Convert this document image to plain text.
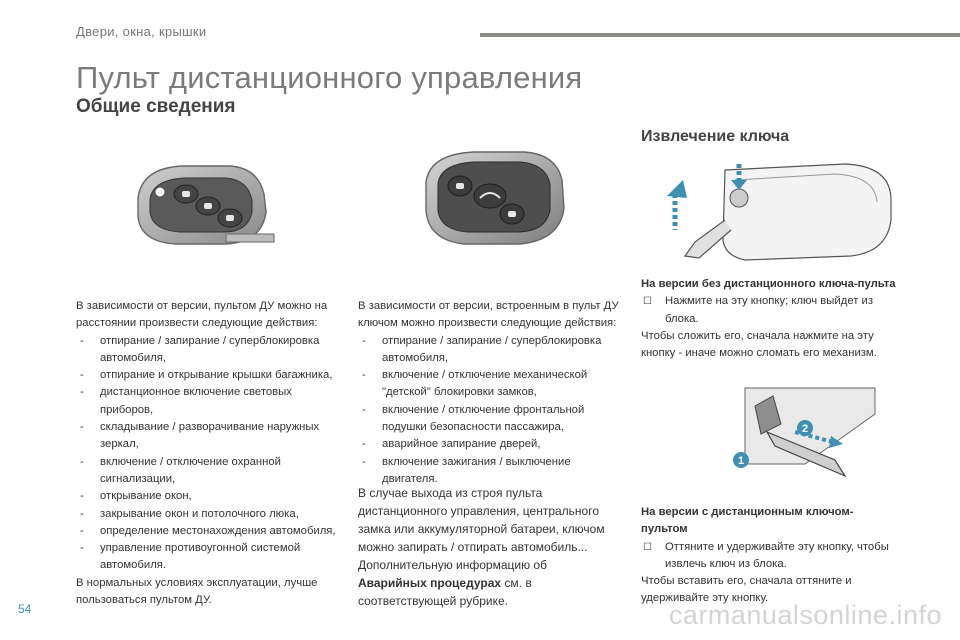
Двери, окна, крышки
Пульт дистанционного управления
Общие сведения
Извлечение ключа
2
1

В зависимости от версии, пультом ДУ можно на расстоянии произвести следующие действия:

- отпирание / запирание / суперблокировка автомобиля,

- отпирание и открывание крышки багажника,

- дистанционное включение световых приборов,

- складывание / разворачивание наружных зеркал,

- включение / отключение охранной сигнализации,

- открывание окон,

- закрывание окон и потолочного люка,

- определение местонахождения автомобиля,

- управление противоугонной системой автомобиля.

В нормальных условиях эксплуатации, лучше пользоваться пультом ДУ.

В зависимости от версии, встроенным в пульт ДУ ключом можно произвести следующие действия:

- отпирание / запирание / суперблокировка автомобиля,

- включение / отключение механической "детской" блокировки замков,

- включение / отключение фронтальной подушки безопасности пассажира,

- аварийное запирание дверей,

- включение зажигания / выключение двигателя.

В случае выхода из строя пульта дистанционного управления, центрального замка или аккумуляторной батареи, ключом можно запирать / отпирать автомобиль...

Дополнительную информацию об

Аварийных процедурах см. в соответствующей рубрике.

На версии без дистанционного ключа-пульта

☐ Нажмите на эту кнопку; ключ выйдет из блока.

Чтобы сложить его, сначала нажмите на эту кнопку - иначе можно сломать его механизм.

На версии с дистанционным ключом-пультом

☐ Оттяните и удерживайте эту кнопку, чтобы извлечь ключ из блока.

Чтобы вставить его, сначала оттяните и удерживайте эту кнопку.

54	carmanualsonline.info
